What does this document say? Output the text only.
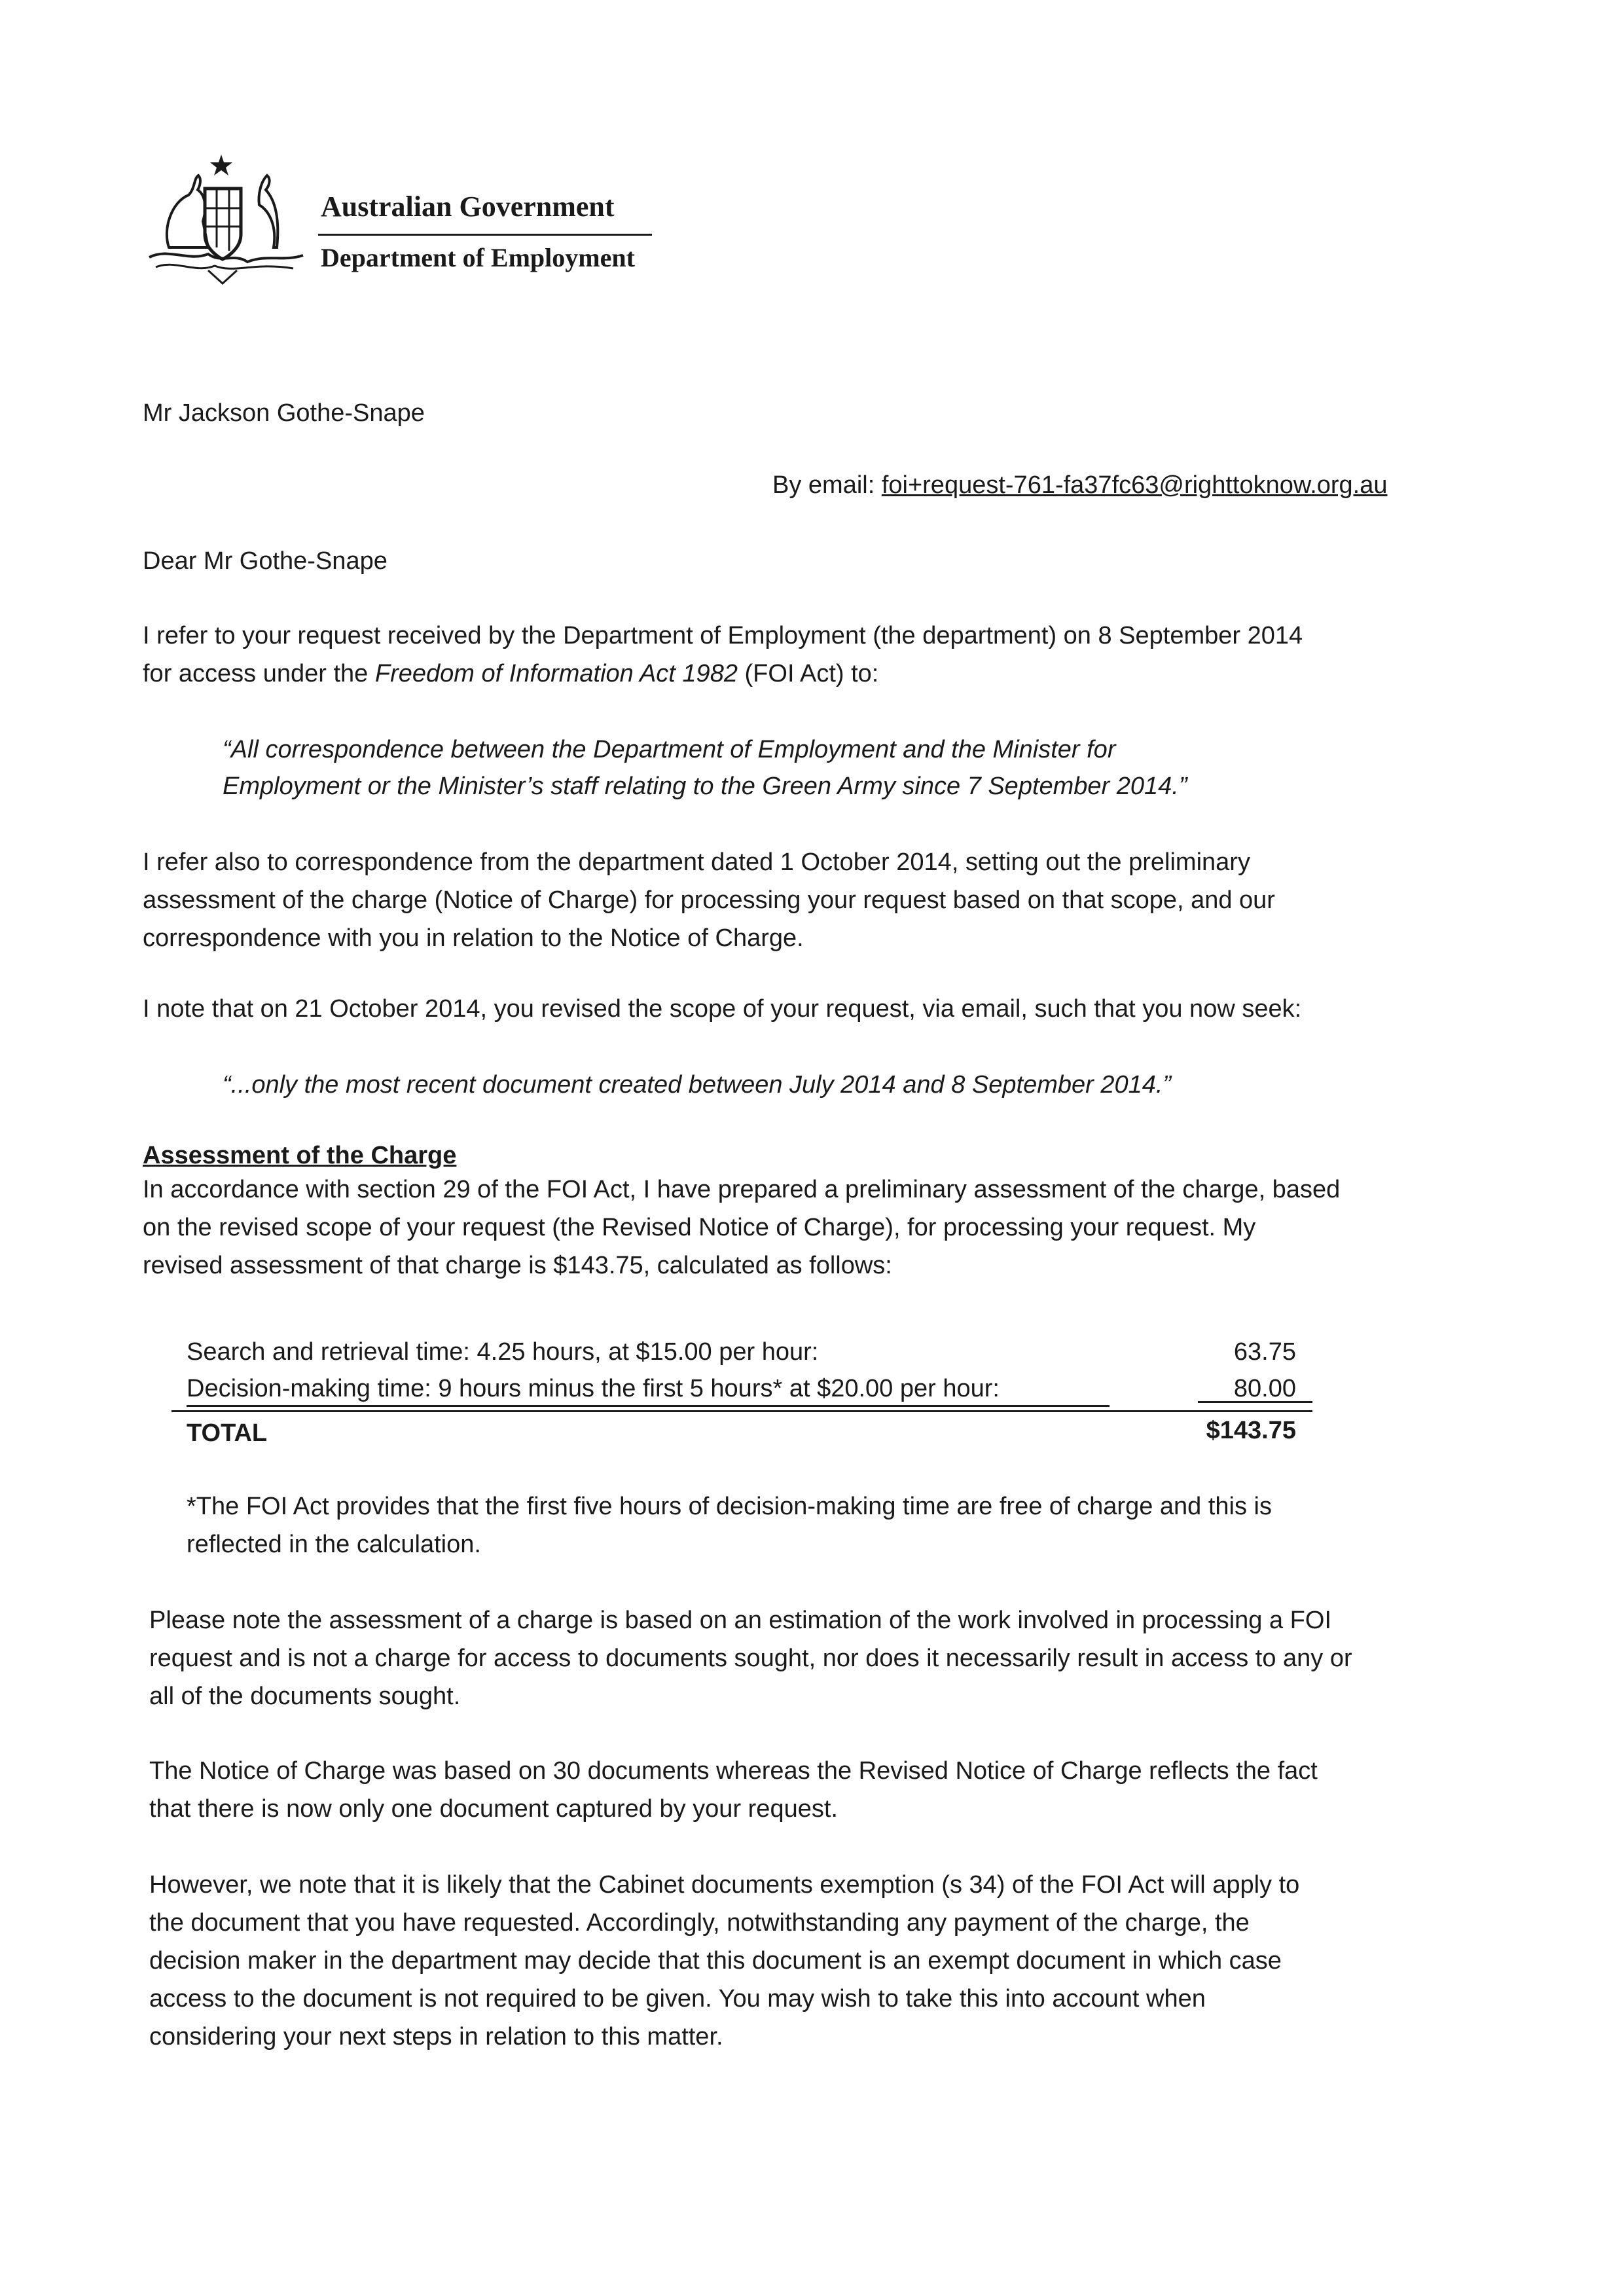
Australian Government
Department of Employment
Mr Jackson Gothe-Snape
By email: foi+request-761-fa37fc63@righttoknow.org.au
Dear Mr Gothe-Snape
I refer to your request received by the Department of Employment (the department) on 8 September 2014
for access under the Freedom of Information Act 1982 (FOI Act) to:
“All correspondence between the Department of Employment and the Minister for
Employment or the Minister’s staff relating to the Green Army since 7 September 2014.”
I refer also to correspondence from the department dated 1 October 2014, setting out the preliminary
assessment of the charge (Notice of Charge) for processing your request based on that scope, and our
correspondence with you in relation to the Notice of Charge.
I note that on 21 October 2014, you revised the scope of your request, via email, such that you now seek:
“...only the most recent document created between July 2014 and 8 September 2014.”
Assessment of the Charge
In accordance with section 29 of the FOI Act, I have prepared a preliminary assessment of the charge, based
on the revised scope of your request (the Revised Notice of Charge), for processing your request. My
revised assessment of that charge is $143.75, calculated as follows:
Search and retrieval time: 4.25 hours, at $15.00 per hour:	63.75
Decision-making time: 9 hours minus the first 5 hours* at $20.00 per hour:	80.00
TOTAL	$143.75
*The FOI Act provides that the first five hours of decision-making time are free of charge and this is
reflected in the calculation.
Please note the assessment of a charge is based on an estimation of the work involved in processing a FOI
request and is not a charge for access to documents sought, nor does it necessarily result in access to any or
all of the documents sought.
The Notice of Charge was based on 30 documents whereas the Revised Notice of Charge reflects the fact
that there is now only one document captured by your request.
However, we note that it is likely that the Cabinet documents exemption (s 34) of the FOI Act will apply to
the document that you have requested. Accordingly, notwithstanding any payment of the charge, the
decision maker in the department may decide that this document is an exempt document in which case
access to the document is not required to be given. You may wish to take this into account when
considering your next steps in relation to this matter.
